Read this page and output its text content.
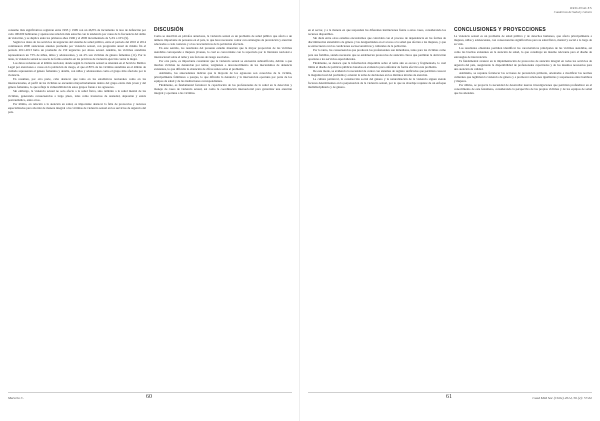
consumo más significativos registran entre 1993 y 1999 con un 46,8% de incremento la tasa de defunción por cada 100.000 habitantes y apenas una relación más estrecha con la tendencia por causa de la frecuencia del delito de violación, y se duplica entre los primeros años 1996 y el 2000 incrementado de 5,4% a 10% (9).

Según los datos de los servicios de urgencias del sistema de salud pública, entre el período del 2010 al 2014 continuaron 2000 atenciones anuales promedio por violencia sexual, con progresión anual de mismo fin el período 2011-2013 hubo un promedio de 150 urgencias por abuso sexual. Además, las víctimas atendidas representaron un 73% de niñas, niños y adolescentes, y un 4% son víctimas de género femenino (11). Por lo tanto, la violencia sexual se asocia de forma estrecha en las prácticas de violencia ejercida contra la mujer.

Los datos recientes en el ámbito nacional, donde según la violencia sexual se atienden en el Servicio Médico Legal por atenciones o casos en la población de riesgo, el que el 80% de las víctimas atendidas en el ámbito de cuidado representan el género femenino y detalla, con niños y adolescentes como el grupo más afectado por la violencia.

En resumen, por otra parte, cabe destacar que tanto en las estadísticas nacionales como en las internacionales, el perfil de las víctimas se encuentra mayoritariamente dentro del grupo etario más joven y del género femenino, lo que refleja la vulnerabilidad de estos grupos frente a los agresores.

Sin embargo, la violencia sexual no solo afecta a la salud física, sino también a la salud mental de las víctimas, generando consecuencias a largo plazo, tales como trastornos de ansiedad, depresión y estrés postraumático, entre otros.

Por último, en relación a la atención en salud, es importante destacar la falta de protocolos y recursos especializados para abordar de manera integral a las víctimas de violencia sexual en los servicios de urgencia del país.

DISCUSIÓN

Como se describió en párrafos anteriores, la violencia sexual es un problema de salud pública que afecta a un número importante de personas en el país, lo que hace necesario contar con estrategias de prevención y atención adecuadas a cada contexto y a las características de la población afectada.

En este sentido, los resultados del presente estudio muestran que la mayor proporción de las víctimas atendidas corresponde a mujeres jóvenes, lo cual es concordante con lo reportado por la literatura nacional e internacional sobre el tema y sus factores de riesgo asociados.

Por otra parte, es importante considerar que la violencia sexual se encuentra subnotificada, debido a que muchas víctimas no denuncian por temor, vergüenza o desconocimiento de los mecanismos de denuncia existentes, lo que dificulta la obtención de cifras reales sobre el problema.

Asimismo, los antecedentes indican que la mayoría de los agresores son conocidos de la víctima, principalmente familiares o parejas, lo que dificulta la denuncia y la intervención oportuna por parte de los equipos de salud y de las instituciones correspondientes.

Finalmente, es fundamental fortalecer la capacitación de los profesionales de la salud en la detección y manejo de casos de violencia sexual, así como la coordinación intersectorial para garantizar una atención integral y oportuna a las víctimas.

Marcelo C.	60
ORIGINALES
Cuadernos de Salud y Género

en el sector, y a la manera en que responden las diferentes instituciones frente a estos casos, considerando los recursos disponibles.

Sin duda entre otros estudios encontramos que coinciden con el proceso de dependencia en las formas de discriminación sistemática de género y las desigualdades en el acceso a la salud que afectan a las mujeres, y que se entrecruzan con las condiciones socioeconómicas y culturales de la población.

Por lo tanto, las consecuencias que producen los profesionales son inmediatas, tanto para las víctimas como para sus familias, siendo necesario que se establezcan protocolos de atención claros que permitan la derivación oportuna a los servicios especializados.

Finalmente, se destaca que la información disponible sobre el tema aún es escasa y fragmentada, lo cual limita el diseño de políticas públicas basadas en evidencia para enfrentar de forma efectiva este problema.

De este modo, se evidencia la necesidad de contar con sistemas de registro unificados que permitan conocer la magnitud real del problema y orientar la toma de decisiones en los distintos niveles de atención.

La cultura patriarcal, la construcción social del género y la naturalización de la violencia siguen siendo factores determinantes en la perpetuación de la violencia sexual, por lo que su abordaje requiere de un enfoque multidisciplinario y de género.

CONCLUSIONES Y PROYECCIONES

La violencia sexual es un problema de salud pública y de derechos humanos, que afecta principalmente a mujeres, niñas y adolescentes, con consecuencias significativas para su salud física, mental y social a lo largo de su vida.

Los resultados obtenidos permiten identificar las características principales de las víctimas atendidas, así como las brechas existentes en la atención de salud, lo que constituye un insumo relevante para el diseño de estrategias de intervención.

Es fundamental avanzar en la implementación de protocolos de atención integral en todos los servicios de urgencia del país, asegurando la disponibilidad de profesionales capacitados y de los insumos necesarios para una atención de calidad.

Asimismo, se requiere fortalecer las acciones de prevención primaria, orientadas a modificar las normas culturales que legitiman la violencia de género y a promover relaciones igualitarias y respetuosas entre hombres y mujeres.

Por último, se proyecta la necesidad de desarrollar nuevas investigaciones que permitan profundizar en el conocimiento de este fenómeno, considerando la perspectiva de las propias víctimas y de los equipos de salud que las atienden.

Cuad Méd Soc (Chile) 2014, 56 (2): 57-62
61
